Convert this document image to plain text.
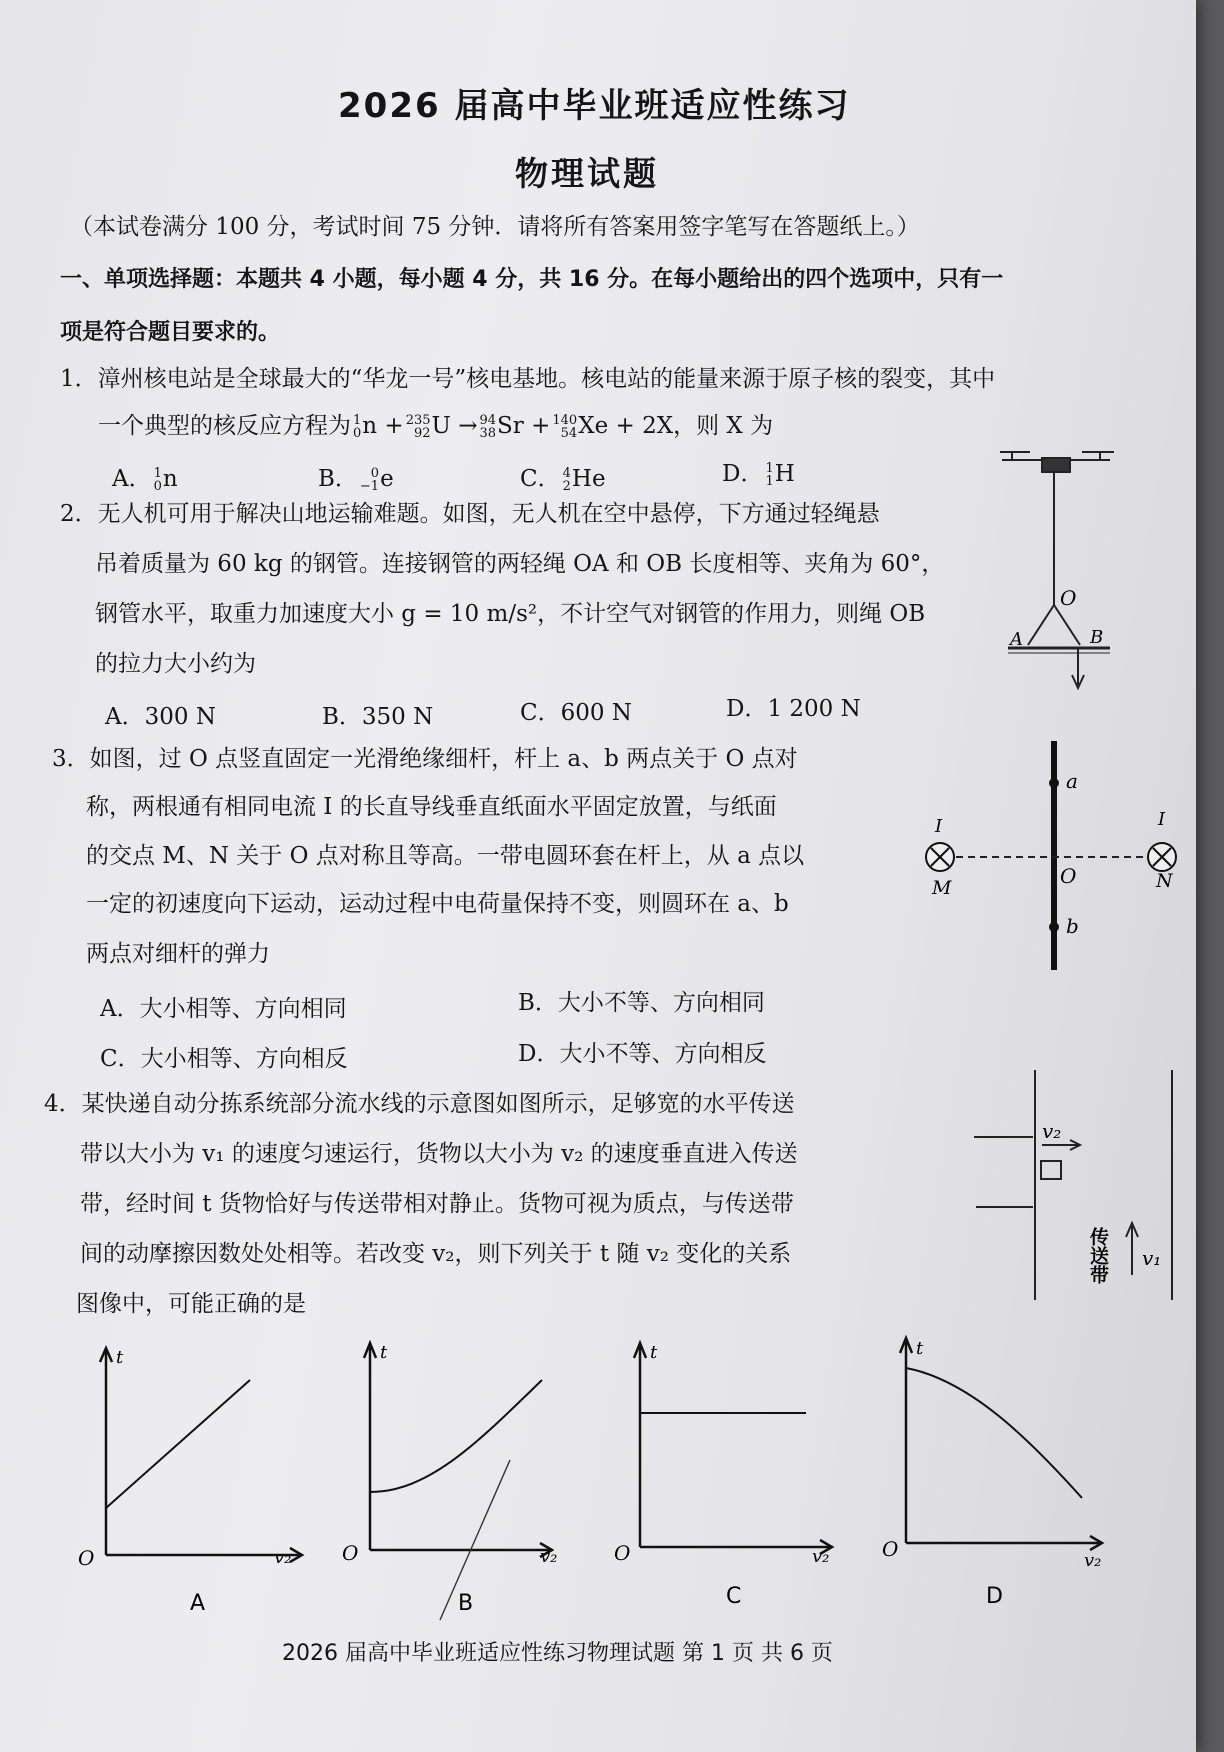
2026 届高中毕业班适应性练习
物理试题
（本试卷满分 100 分，考试时间 75 分钟．请将所有答案用签字笔写在答题纸上。）
一、单项选择题：本题共 4 小题，每小题 4 分，共 16 分。在每小题给出的四个选项中，只有一
项是符合题目要求的。
1．漳州核电站是全球最大的“华龙一号”核电基地。核电站的能量来源于原子核的裂变，其中
一个典型的核反应方程为 1
0 n + 235
92 U → 94
38 Sr + 140
54 Xe + 2X，则 X 为
A． 1
0 n	B． 0
−1 e	C． 4
2 He	D． 1
1 H
2．无人机可用于解决山地运输难题。如图，无人机在空中悬停，下方通过轻绳悬
吊着质量为 60 kg 的钢管。连接钢管的两轻绳 OA 和 OB 长度相等、夹角为 60°，
钢管水平，取重力加速度大小 g = 10 m/s²，不计空气对钢管的作用力，则绳 OB
的拉力大小约为
A．300 N	B．350 N	C．600 N	D．1 200 N
O
A	B
3．如图，过 O 点竖直固定一光滑绝缘细杆，杆上 a、b 两点关于 O 点对
称，两根通有相同电流 I 的长直导线垂直纸面水平固定放置，与纸面
的交点 M、N 关于 O 点对称且等高。一带电圆环套在杆上，从 a 点以
一定的初速度向下运动，运动过程中电荷量保持不变，则圆环在 a、b
两点对细杆的弹力
A．大小相等、方向相同	B．大小不等、方向相同
C．大小相等、方向相反	D．大小不等、方向相反
a
b
O
M	N
I	I
4．某快递自动分拣系统部分流水线的示意图如图所示，足够宽的水平传送
带以大小为 v₁ 的速度匀速运行，货物以大小为 v₂ 的速度垂直进入传送
带，经时间 t 货物恰好与传送带相对静止。货物可视为质点，与传送带
间的动摩擦因数处处相等。若改变 v₂，则下列关于 t 随 v₂ 变化的关系
图像中，可能正确的是
v₂
v₁
传送带
t
O	v₂
A
t
O	v₂
B
t
O	v₂
C
t
O	v₂
D
2026 届高中毕业班适应性练习物理试题 第 1 页 共 6 页
